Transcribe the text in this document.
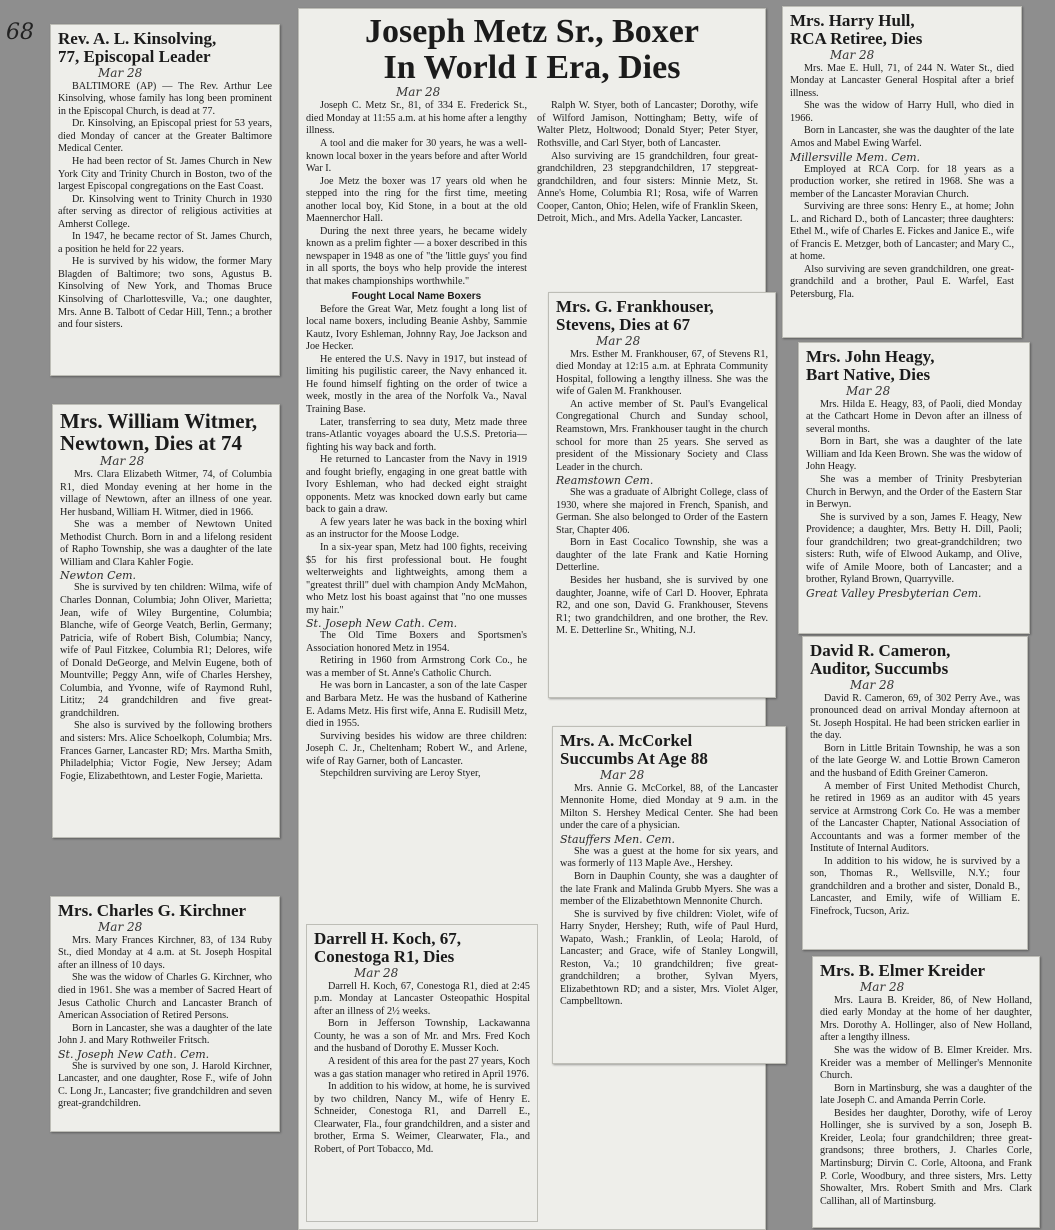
68 Rev. A. L. Kinsolving,
77, Episcopal Leader
Mar 28

BALTIMORE (AP) — The Rev. Arthur Lee Kinsolving, whose family has long been prominent in the Episcopal Church, is dead at 77.

Dr. Kinsolving, an Episcopal priest for 53 years, died Monday of cancer at the Greater Baltimore Medical Center.

He had been rector of St. James Church in New York City and Trinity Church in Boston, two of the largest Episcopal congregations on the East Coast.

Dr. Kinsolving went to Trinity Church in 1930 after serving as director of religious activities at Amherst College.

In 1947, he became rector of St. James Church, a position he held for 22 years.

He is survived by his widow, the former Mary Blagden of Baltimore; two sons, Agustus B. Kinsolving of New York, and Thomas Bruce Kinsolving of Charlottesville, Va.; one daughter, Mrs. Anne B. Talbott of Cedar Hill, Tenn.; a brother and four sisters.

Joseph Metz Sr., Boxer
In World I Era, Dies
Mar 28

Joseph C. Metz Sr., 81, of 334 E. Frederick St., died Monday at 11:55 a.m. at his home after a lengthy illness.

A tool and die maker for 30 years, he was a well-known local boxer in the years before and after World War I.

Joe Metz the boxer was 17 years old when he stepped into the ring for the first time, meeting another local boy, Kid Stone, in a bout at the old Maennerchor Hall.

During the next three years, he became widely known as a prelim fighter — a boxer described in this newspaper in 1948 as one of "the 'little guys' you find in all sports, the boys who help provide the interest that makes championships worthwhile."

Fought Local Name Boxers

Before the Great War, Metz fought a long list of local name boxers, including Beanie Ashby, Sammie Kautz, Ivory Eshleman, Johnny Ray, Joe Jackson and Joe Hecker.

He entered the U.S. Navy in 1917, but instead of limiting his pugilistic career, the Navy enhanced it. He found himself fighting on the order of twice a week, mostly in the area of the Norfolk Va., Naval Training Base.

Later, transferring to sea duty, Metz made three trans-Atlantic voyages aboard the U.S.S. Pretoria—fighting his way back and forth.

He returned to Lancaster from the Navy in 1919 and fought briefly, engaging in one great battle with Ivory Eshleman, who had decked eight straight opponents. Metz was knocked down early but came back to gain a draw.

A few years later he was back in the boxing whirl as an instructor for the Moose Lodge.

In a six-year span, Metz had 100 fights, receiving $5 for his first professional bout. He fought welterweights and lightweights, among them a "greatest thrill" duel with champion Andy McMahon, who Metz lost his boast against that "no one musses my hair."

St. Joseph New Cath. Cem.

The Old Time Boxers and Sportsmen's Association honored Metz in 1954.

Retiring in 1960 from Armstrong Cork Co., he was a member of St. Anne's Catholic Church.

He was born in Lancaster, a son of the late Casper and Barbara Metz. He was the husband of Katherine E. Adams Metz. His first wife, Anna E. Rudisill Metz, died in 1955.

Surviving besides his widow are three children: Joseph C. Jr., Cheltenham; Robert W., and Arlene, wife of Ray Garner, both of Lancaster.

Stepchildren surviving are Leroy Styer,

Ralph W. Styer, both of Lancaster; Dorothy, wife of Wilford Jamison, Nottingham; Betty, wife of Walter Pletz, Holtwood; Donald Styer; Peter Styer, Rothsville, and Carl Styer, both of Lancaster.

Also surviving are 15 grandchildren, four great-grandchildren, 23 stepgrandchildren, 17 stepgreat-grandchildren, and four sisters: Minnie Metz, St. Anne's Home, Columbia R1; Rosa, wife of Warren Cooper, Canton, Ohio; Helen, wife of Franklin Skeen, Detroit, Mich., and Mrs. Adella Yacker, Lancaster.

Mrs. Harry Hull,
RCA Retiree, Dies
Mar 28

Mrs. Mae E. Hull, 71, of 244 N. Water St., died Monday at Lancaster General Hospital after a brief illness.

She was the widow of Harry Hull, who died in 1966.

Born in Lancaster, she was the daughter of the late Amos and Mabel Ewing Warfel.

Millersville Mem. Cem.

Employed at RCA Corp. for 18 years as a production worker, she retired in 1968. She was a member of the Lancaster Moravian Church.

Surviving are three sons: Henry E., at home; John L. and Richard D., both of Lancaster; three daughters: Ethel M., wife of Charles E. Fickes and Janice E., wife of Francis E. Metzger, both of Lancaster; and Mary C., at home.

Also surviving are seven grandchildren, one great-grandchild and a brother, Paul E. Warfel, East Petersburg, Fla.

Mrs. William Witmer,
Newtown, Dies at 74
Mar 28

Mrs. Clara Elizabeth Witmer, 74, of Columbia R1, died Monday evening at her home in the village of Newtown, after an illness of one year. Her husband, William H. Witmer, died in 1966.

She was a member of Newtown United Methodist Church. Born in and a lifelong resident of Rapho Township, she was a daughter of the late William and Clara Kahler Fogie.

Newton Cem.

She is survived by ten children: Wilma, wife of Charles Donnan, Columbia; John Oliver, Marietta; Jean, wife of Wiley Burgentine, Columbia; Blanche, wife of George Veatch, Berlin, Germany; Patricia, wife of Robert Bish, Columbia; Nancy, wife of Paul Fitzkee, Columbia R1; Delores, wife of Donald DeGeorge, and Melvin Eugene, both of Mountville; Peggy Ann, wife of Charles Hershey, Columbia, and Yvonne, wife of Raymond Ruhl, Lititz; 24 grandchildren and five great-grandchildren.

She also is survived by the following brothers and sisters: Mrs. Alice Schoelkoph, Columbia; Mrs. Frances Garner, Lancaster RD; Mrs. Martha Smith, Philadelphia; Victor Fogie, New Jersey; Adam Fogie, Elizabethtown, and Lester Fogie, Marietta.

Mrs. G. Frankhouser,
Stevens, Dies at 67
Mar 28

Mrs. Esther M. Frankhouser, 67, of Stevens R1, died Monday at 12:15 a.m. at Ephrata Community Hospital, following a lengthy illness. She was the wife of Galen M. Frankhouser.

An active member of St. Paul's Evangelical Congregational Church and Sunday school, Reamstown, Mrs. Frankhouser taught in the church school for more than 25 years. She served as president of the Missionary Society and Class Leader in the church.

Reamstown Cem.

She was a graduate of Albright College, class of 1930, where she majored in French, Spanish, and German. She also belonged to Order of the Eastern Star, Chapter 406.

Born in East Cocalico Township, she was a daughter of the late Frank and Katie Horning Detterline.

Besides her husband, she is survived by one daughter, Joanne, wife of Carl D. Hoover, Ephrata R2, and one son, David G. Frankhouser, Stevens R1; two grandchildren, and one brother, the Rev. M. E. Detterline Sr., Whiting, N.J.

Mrs. John Heagy,
Bart Native, Dies
Mar 28

Mrs. Hilda E. Heagy, 83, of Paoli, died Monday at the Cathcart Home in Devon after an illness of several months.

Born in Bart, she was a daughter of the late William and Ida Keen Brown. She was the widow of John Heagy.

She was a member of Trinity Presbyterian Church in Berwyn, and the Order of the Eastern Star in Berwyn.

She is survived by a son, James F. Heagy, New Providence; a daughter, Mrs. Betty H. Dill, Paoli; four grandchildren; two great-grandchildren; two sisters: Ruth, wife of Elwood Aukamp, and Olive, wife of Amile Moore, both of Lancaster; and a brother, Ryland Brown, Quarryville.

Great Valley Presbyterian Cem.
David R. Cameron,
Auditor, Succumbs
Mar 28

David R. Cameron, 69, of 302 Perry Ave., was pronounced dead on arrival Monday afternoon at St. Joseph Hospital. He had been stricken earlier in the day.

Born in Little Britain Township, he was a son of the late George W. and Lottie Brown Cameron and the husband of Edith Greiner Cameron.

A member of First United Methodist Church, he retired in 1969 as an auditor with 45 years service at Armstrong Cork Co. He was a member of the Lancaster Chapter, National Association of Accountants and was a former member of the Institute of Internal Auditors.

In addition to his widow, he is survived by a son, Thomas R., Wellsville, N.Y.; four grandchildren and a brother and sister, Donald B., Lancaster, and Emily, wife of William E. Finefrock, Tucson, Ariz.

Mrs. A. McCorkel
Succumbs At Age 88
Mar 28

Mrs. Annie G. McCorkel, 88, of the Lancaster Mennonite Home, died Monday at 9 a.m. in the Milton S. Hershey Medical Center. She had been under the care of a physician.

Stauffers Men. Cem.

She was a guest at the home for six years, and was formerly of 113 Maple Ave., Hershey.

Born in Dauphin County, she was a daughter of the late Frank and Malinda Grubb Myers. She was a member of the Elizabethtown Mennonite Church.

She is survived by five children: Violet, wife of Harry Snyder, Hershey; Ruth, wife of Paul Hurd, Wapato, Wash.; Franklin, of Leola; Harold, of Lancaster; and Grace, wife of Stanley Longwill, Reston, Va.; 10 grandchildren; five great-grandchildren; a brother, Sylvan Myers, Elizabethtown RD; and a sister, Mrs. Violet Alger, Campbelltown.

Mrs. Charles G. Kirchner
Mar 28

Mrs. Mary Frances Kirchner, 83, of 134 Ruby St., died Monday at 4 a.m. at St. Joseph Hospital after an illness of 10 days.

She was the widow of Charles G. Kirchner, who died in 1961. She was a member of Sacred Heart of Jesus Catholic Church and Lancaster Branch of American Association of Retired Persons.

Born in Lancaster, she was a daughter of the late John J. and Mary Rothweiler Fritsch.

St. Joseph New Cath. Cem.

She is survived by one son, J. Harold Kirchner, Lancaster, and one daughter, Rose F., wife of John C. Long Jr., Lancaster; five grandchildren and seven great-grandchildren.

Darrell H. Koch, 67,
Conestoga R1, Dies
Mar 28

Darrell H. Koch, 67, Conestoga R1, died at 2:45 p.m. Monday at Lancaster Osteopathic Hospital after an illness of 2½ weeks.

Born in Jefferson Township, Lackawanna County, he was a son of Mr. and Mrs. Fred Koch and the husband of Dorothy E. Musser Koch.

A resident of this area for the past 27 years, Koch was a gas station manager who retired in April 1976.

In addition to his widow, at home, he is survived by two children, Nancy M., wife of Henry E. Schneider, Conestoga R1, and Darrell E., Clearwater, Fla., four grandchildren, and a sister and brother, Erma S. Weimer, Clearwater, Fla., and Robert, of Port Tobacco, Md.

Mrs. B. Elmer Kreider
Mar 28

Mrs. Laura B. Kreider, 86, of New Holland, died early Monday at the home of her daughter, Mrs. Dorothy A. Hollinger, also of New Holland, after a lengthy illness.

She was the widow of B. Elmer Kreider. Mrs. Kreider was a member of Mellinger's Mennonite Church.

Born in Martinsburg, she was a daughter of the late Joseph C. and Amanda Perrin Corle.

Besides her daughter, Dorothy, wife of Leroy Hollinger, she is survived by a son, Joseph B. Kreider, Leola; four grandchildren; three great-grandsons; three brothers, J. Charles Corle, Martinsburg; Dirvin C. Corle, Altoona, and Frank P. Corle, Woodbury, and three sisters, Mrs. Letty Showalter, Mrs. Robert Smith and Mrs. Clark Callihan, all of Martinsburg.
